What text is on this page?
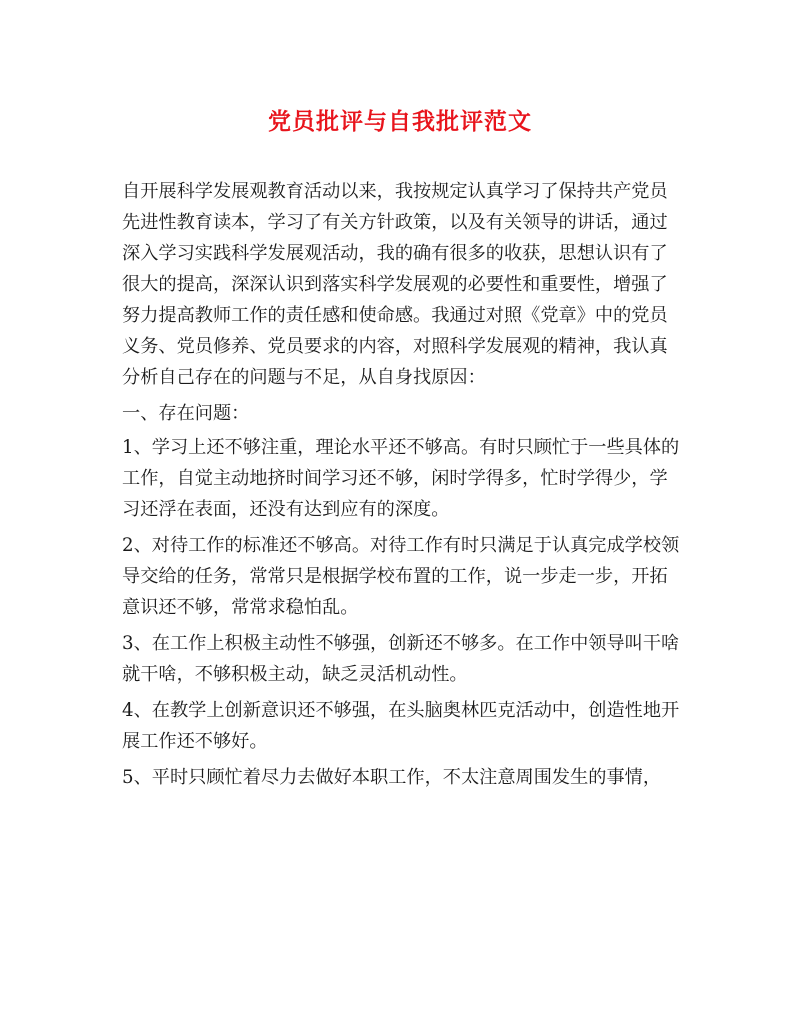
党员批评与自我批评范文

自开展科学发展观教育活动以来，我按规定认真学习了保持共产党员先进性教育读本，学习了有关方针政策，以及有关领导的讲话，通过深入学习实践科学发展观活动，我的确有很多的收获，思想认识有了很大的提高，深深认识到落实科学发展观的必要性和重要性，增强了努力提高教师工作的责任感和使命感。我通过对照《党章》中的党员义务、党员修养、党员要求的内容，对照科学发展观的精神，我认真分析自己存在的问题与不足，从自身找原因：

一、存在问题：

1、学习上还不够注重，理论水平还不够高。有时只顾忙于一些具体的工作，自觉主动地挤时间学习还不够，闲时学得多，忙时学得少，学习还浮在表面，还没有达到应有的深度。

2、对待工作的标准还不够高。对待工作有时只满足于认真完成学校领导交给的任务，常常只是根据学校布置的工作，说一步走一步，开拓意识还不够，常常求稳怕乱。

3、在工作上积极主动性不够强，创新还不够多。在工作中领导叫干啥就干啥，不够积极主动，缺乏灵活机动性。

4、在教学上创新意识还不够强，在头脑奥林匹克活动中，创造性地开展工作还不够好。

5、平时只顾忙着尽力去做好本职工作，不太注意周围发生的事情，
